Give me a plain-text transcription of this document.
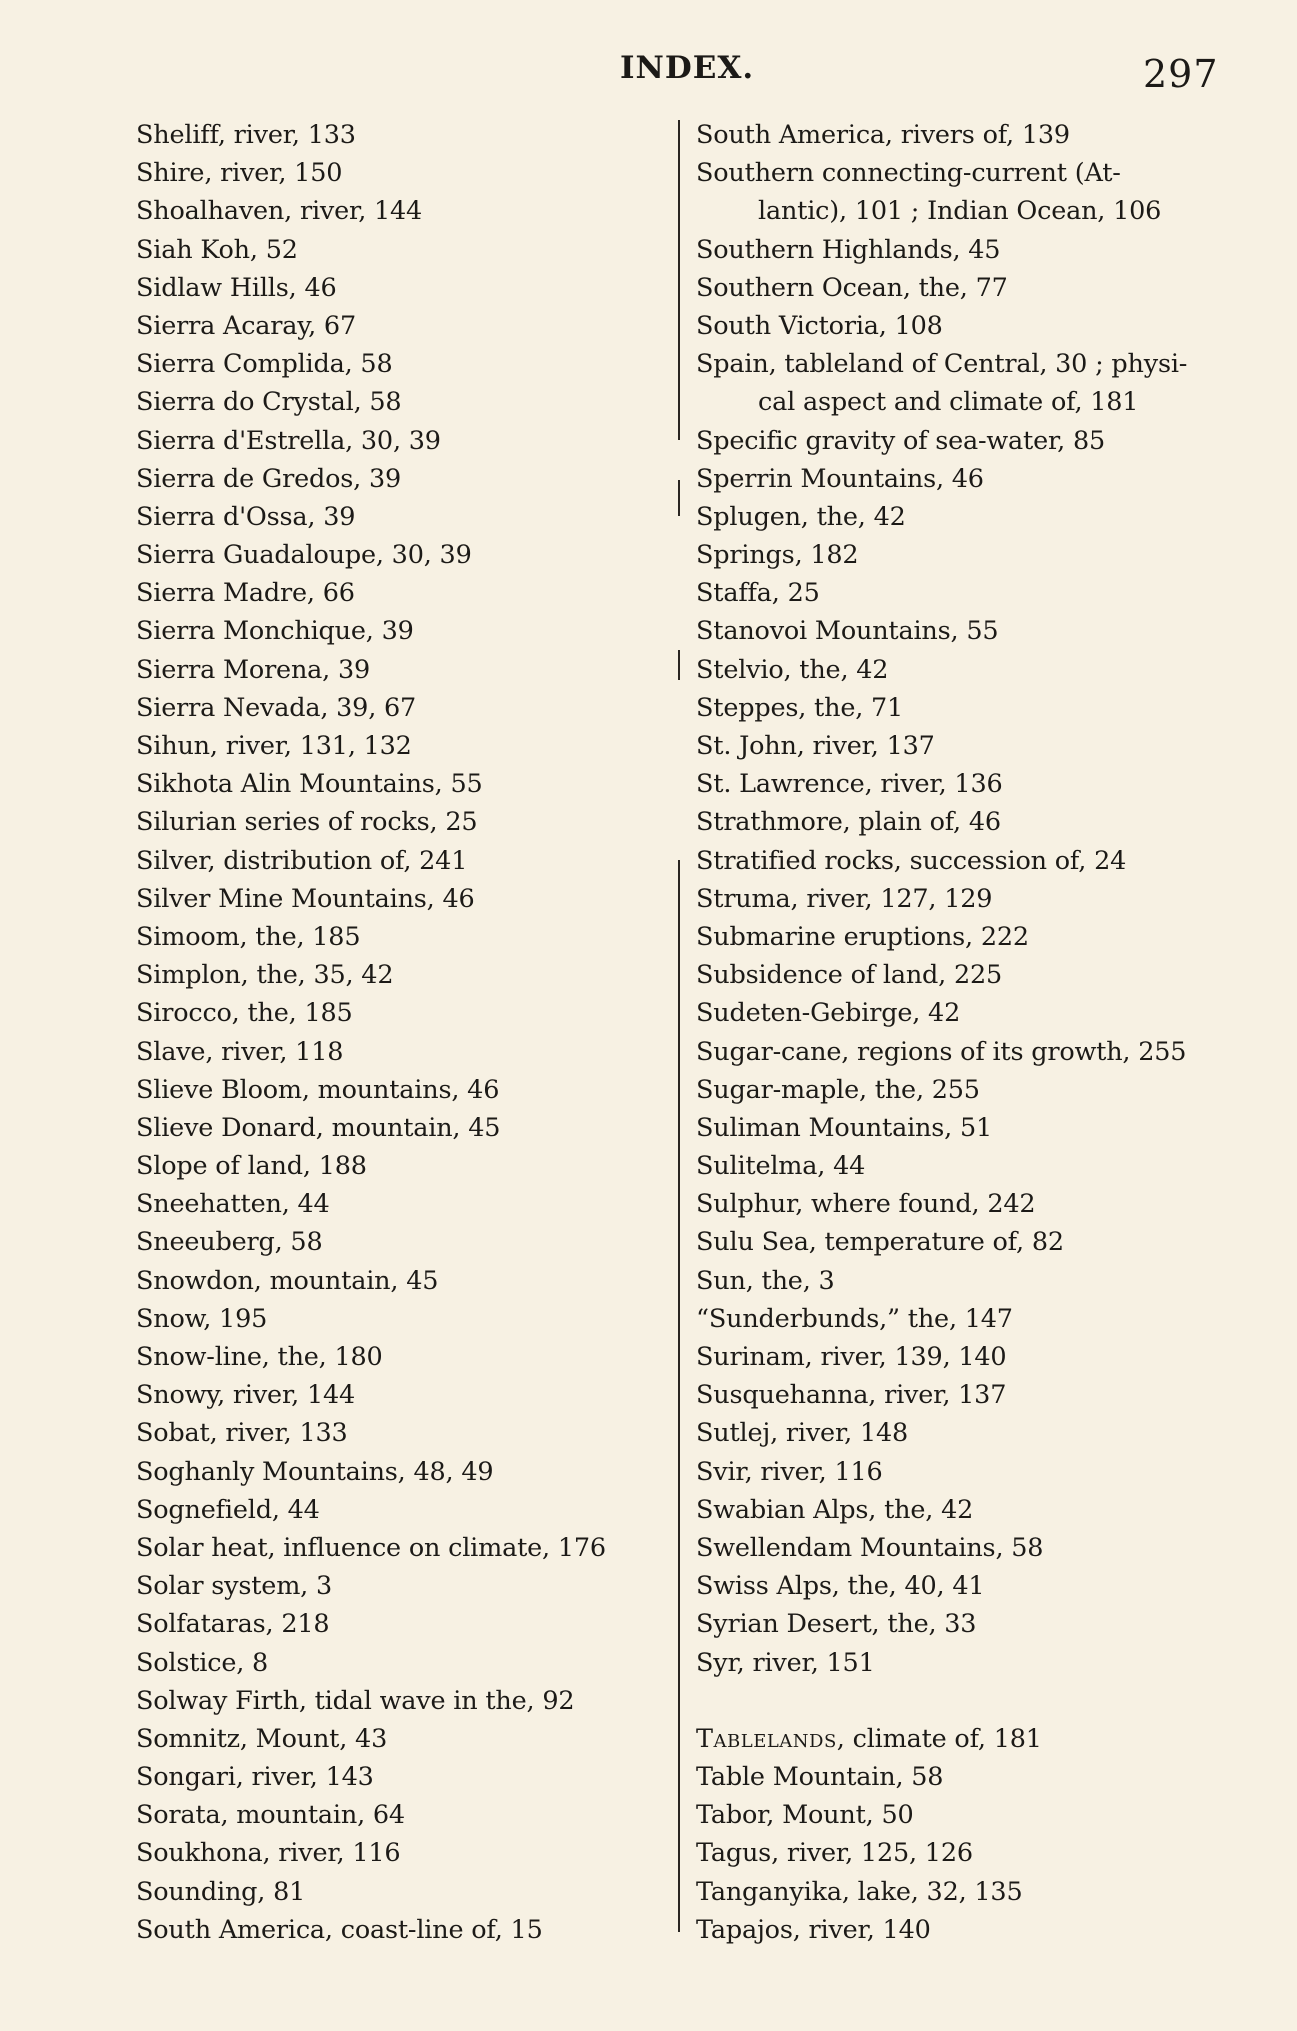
INDEX.	297
Sheliff, river, 133
Shire, river, 150
Shoalhaven, river, 144
Siah Koh, 52
Sidlaw Hills, 46
Sierra Acaray, 67
Sierra Complida, 58
Sierra do Crystal, 58
Sierra d'Estrella, 30, 39
Sierra de Gredos, 39
Sierra d'Ossa, 39
Sierra Guadaloupe, 30, 39
Sierra Madre, 66
Sierra Monchique, 39
Sierra Morena, 39
Sierra Nevada, 39, 67
Sihun, river, 131, 132
Sikhota Alin Mountains, 55
Silurian series of rocks, 25
Silver, distribution of, 241
Silver Mine Mountains, 46
Simoom, the, 185
Simplon, the, 35, 42
Sirocco, the, 185
Slave, river, 118
Slieve Bloom, mountains, 46
Slieve Donard, mountain, 45
Slope of land, 188
Sneehatten, 44
Sneeuberg, 58
Snowdon, mountain, 45
Snow, 195
Snow-line, the, 180
Snowy, river, 144
Sobat, river, 133
Soghanly Mountains, 48, 49
Sognefield, 44
Solar heat, influence on climate, 176
Solar system, 3
Solfataras, 218
Solstice, 8
Solway Firth, tidal wave in the, 92
Somnitz, Mount, 43
Songari, river, 143
Sorata, mountain, 64
Soukhona, river, 116
Sounding, 81
South America, coast-line of, 15
South America, rivers of, 139
Southern connecting-current (At-
lantic), 101 ; Indian Ocean, 106
Southern Highlands, 45
Southern Ocean, the, 77
South Victoria, 108
Spain, tableland of Central, 30 ; physi-
cal aspect and climate of, 181
Specific gravity of sea-water, 85
Sperrin Mountains, 46
Splugen, the, 42
Springs, 182
Staffa, 25
Stanovoi Mountains, 55
Stelvio, the, 42
Steppes, the, 71
St. John, river, 137
St. Lawrence, river, 136
Strathmore, plain of, 46
Stratified rocks, succession of, 24
Struma, river, 127, 129
Submarine eruptions, 222
Subsidence of land, 225
Sudeten-Gebirge, 42
Sugar-cane, regions of its growth, 255
Sugar-maple, the, 255
Suliman Mountains, 51
Sulitelma, 44
Sulphur, where found, 242
Sulu Sea, temperature of, 82
Sun, the, 3
“Sunderbunds,” the, 147
Surinam, river, 139, 140
Susquehanna, river, 137
Sutlej, river, 148
Svir, river, 116
Swabian Alps, the, 42
Swellendam Mountains, 58
Swiss Alps, the, 40, 41
Syrian Desert, the, 33
Syr, river, 151
Tablelands, climate of, 181
Table Mountain, 58
Tabor, Mount, 50
Tagus, river, 125, 126
Tanganyika, lake, 32, 135
Tapajos, river, 140
